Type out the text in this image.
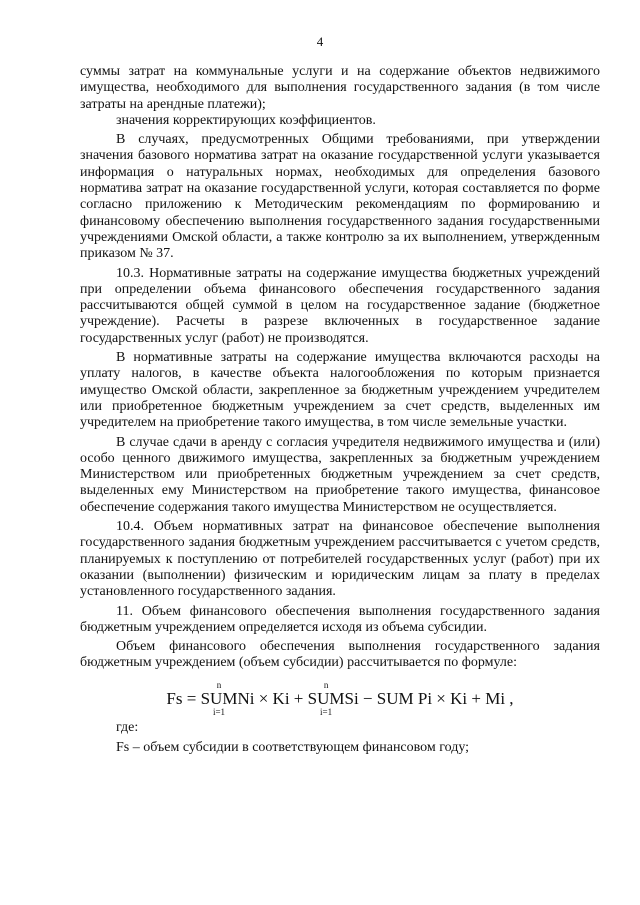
4

суммы затрат на коммунальные услуги и на содержание объектов недвижимого имущества, необходимого для выполнения государственного задания (в том числе затраты на арендные платежи);

значения корректирующих коэффициентов.

В случаях, предусмотренных Общими требованиями, при утверждении значения базового норматива затрат на оказание государственной услуги указывается информация о натуральных нормах, необходимых для определения базового норматива затрат на оказание государственной услуги, которая составляется по форме согласно приложению к Методическим рекомендациям по формированию и финансовому обеспечению выполнения государственного задания государственными учреждениями Омской области, а также контролю за их выполнением, утвержденным приказом № 37.

10.3. Нормативные затраты на содержание имущества бюджетных учреждений при определении объема финансового обеспечения государственного задания рассчитываются общей суммой в целом на государственное задание (бюджетное учреждение). Расчеты в разрезе включенных в государственное задание государственных услуг (работ) не производятся.

В нормативные затраты на содержание имущества включаются расходы на уплату налогов, в качестве объекта налогообложения по которым признается имущество Омской области, закрепленное за бюджетным учреждением учредителем или приобретенное бюджетным учреждением за счет средств, выделенных им учредителем на приобретение такого имущества, в том числе земельные участки.

В случае сдачи в аренду с согласия учредителя недвижимого имущества и (или) особо ценного движимого имущества, закрепленных за бюджетным учреждением Министерством или приобретенных бюджетным учреждением за счет средств, выделенных ему Министерством на приобретение такого имущества, финансовое обеспечение содержания такого имущества Министерством не осуществляется.

10.4. Объем нормативных затрат на финансовое обеспечение выполнения государственного задания бюджетным учреждением рассчитывается с учетом средств, планируемых к поступлению от потребителей государственных услуг (работ) при их оказании (выполнении) физическим и юридическим лицам за плату в пределах установленного государственного задания.

11. Объем финансового обеспечения выполнения государственного задания бюджетным учреждением определяется исходя из объема субсидии.

Объем финансового обеспечения выполнения государственного задания бюджетным учреждением (объем субсидии) рассчитывается по формуле:

Fs =
n
SUM
i=1
Ni × Ki +
n
SUM
i=1
Si − SUM Pi × Ki + Mi ,
где:
Fs – объем субсидии в соответствующем финансовом году;
